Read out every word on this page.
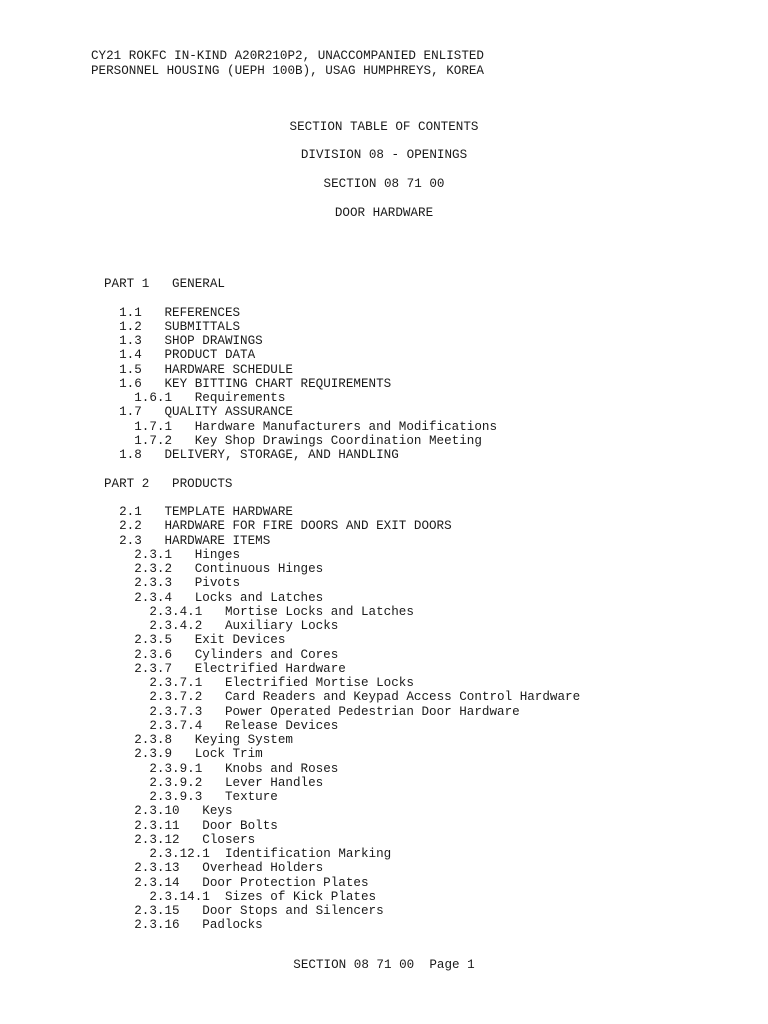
CY21 ROKFC IN-KIND A20R210P2, UNACCOMPANIED ENLISTED
PERSONNEL HOUSING (UEPH 100B), USAG HUMPHREYS, KOREA
SECTION TABLE OF CONTENTS
DIVISION 08 - OPENINGS
SECTION 08 71 00
DOOR HARDWARE
PART 1 GENERAL
1.1 REFERENCES
1.2 SUBMITTALS
1.3 SHOP DRAWINGS
1.4 PRODUCT DATA
1.5 HARDWARE SCHEDULE
1.6 KEY BITTING CHART REQUIREMENTS
1.6.1 Requirements
1.7 QUALITY ASSURANCE
1.7.1 Hardware Manufacturers and Modifications
1.7.2 Key Shop Drawings Coordination Meeting
1.8 DELIVERY, STORAGE, AND HANDLING
PART 2 PRODUCTS
2.1 TEMPLATE HARDWARE
2.2 HARDWARE FOR FIRE DOORS AND EXIT DOORS
2.3 HARDWARE ITEMS
2.3.1 Hinges
2.3.2 Continuous Hinges
2.3.3 Pivots
2.3.4 Locks and Latches
2.3.4.1 Mortise Locks and Latches
2.3.4.2 Auxiliary Locks
2.3.5 Exit Devices
2.3.6 Cylinders and Cores
2.3.7 Electrified Hardware
2.3.7.1 Electrified Mortise Locks
2.3.7.2 Card Readers and Keypad Access Control Hardware
2.3.7.3 Power Operated Pedestrian Door Hardware
2.3.7.4 Release Devices
2.3.8 Keying System
2.3.9 Lock Trim
2.3.9.1 Knobs and Roses
2.3.9.2 Lever Handles
2.3.9.3 Texture
2.3.10 Keys
2.3.11 Door Bolts
2.3.12 Closers
2.3.12.1 Identification Marking
2.3.13 Overhead Holders
2.3.14 Door Protection Plates
2.3.14.1 Sizes of Kick Plates
2.3.15 Door Stops and Silencers
2.3.16 Padlocks
SECTION 08 71 00  Page 1
